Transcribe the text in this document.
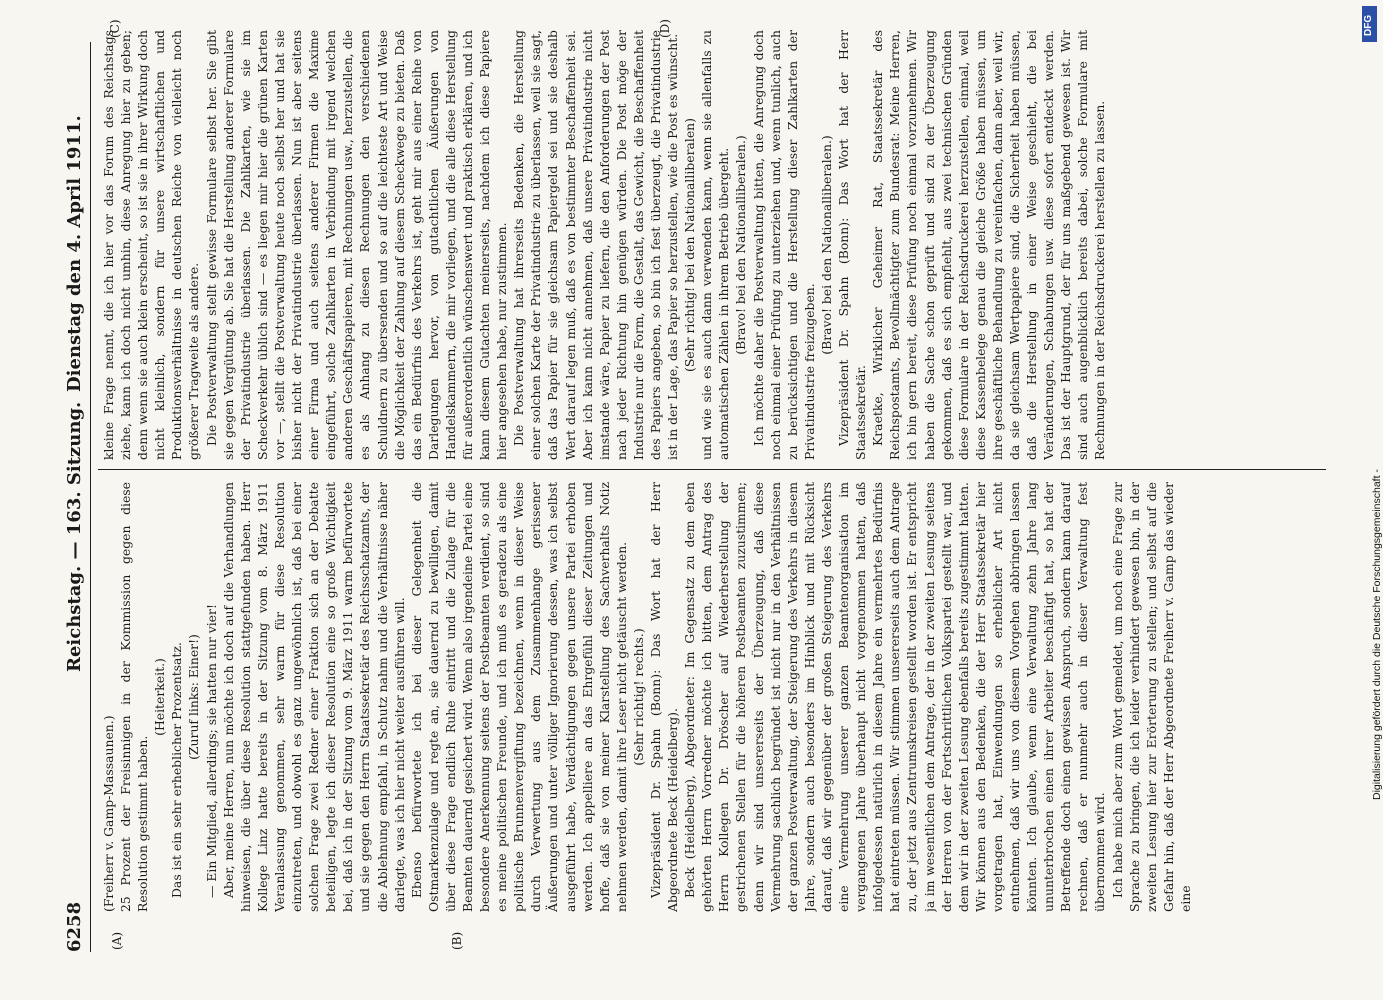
6258
Reichstag. — 163. Sitzung.
Dienstag den 4. April 1911.
(A)	(B)
(C)	(D)

(Freiherr v. Gamp-Massaunen.) 25 Prozent der Freisinnigen in der Kommission gegen diese Resolution gestimmt haben.

(Heiterkeit.) Das ist ein sehr erheblicher Prozentsatz. (Zuruf links: Einer!) — Ein Mitglied, allerdings; sie hatten nur vier! Aber, meine Herren, nun möchte ich doch auf die Verhandlungen hinweisen, die über diese Resolution stattgefunden haben. Herr Kollege Linz hatte bereits in der Sitzung vom 8. März 1911 Veranlassung genommen, sehr warm für diese Resolution einzutreten, und obwohl es ganz ungewöhnlich ist, daß bei einer solchen Frage zwei Redner einer Fraktion sich an der Debatte beteiligen, legte ich dieser Resolution eine so große Wichtigkeit bei, daß ich in der Sitzung vom 9. März 1911 warm befürwortete und sie gegen den Herrn Staatssekretär des Reichsschatzamts, der die Ablehnung empfahl, in Schutz nahm und die Verhältnisse näher darlegte, was ich hier nicht weiter ausführen will. Ebenso befürwortete ich bei dieser Gelegenheit die Ostmarkenzulage und regte an, sie dauernd zu bewilligen, damit über diese Frage endlich Ruhe eintritt und die Zulage für die Beamten dauernd gesichert wird. Wenn also irgendeine Partei eine besondere Anerkennung seitens der Postbeamten verdient, so sind es meine politischen Freunde, und ich muß es geradezu als eine politische Brunnenvergiftung bezeichnen, wenn in dieser Weise durch Verwertung aus dem Zusammenhange gerissener Äußerungen und unter völliger Ignorierung dessen, was ich selbst ausgeführt habe, Verdächtigungen gegen unsere Partei erhoben werden. Ich appelliere an das Ehrgefühl dieser Zeitungen und hoffe, daß sie von meiner Klarstellung des Sachverhalts Notiz nehmen werden, damit ihre Leser nicht getäuscht werden. (Sehr richtig! rechts.) Vizepräsident Dr. Spahn (Bonn): Das Wort hat der Herr Abgeordnete Beck (Heidelberg). Beck (Heidelberg), Abgeordneter: Im Gegensatz zu dem eben gehörten Herrn Vorredner möchte ich bitten, dem Antrag des Herrn Kollegen Dr. Dröscher auf Wiederherstellung der gestrichenen Stellen für die höheren Postbeamten zuzustimmen; denn wir sind unsererseits der Überzeugung, daß diese Vermehrung sachlich begründet ist nicht nur in den Verhältnissen der ganzen Postverwaltung, der Steigerung des Verkehrs in diesem Jahre, sondern auch besonders im Hinblick und mit Rücksicht darauf, daß wir gegenüber der großen Steigerung des Verkehrs eine Vermehrung unserer ganzen Beamtenorganisation im vergangenen Jahre überhaupt nicht vorgenommen hatten, daß infolgedessen natürlich in diesem Jahre ein vermehrtes Bedürfnis hat eintreten müssen. Wir stimmen unsererseits auch dem Antrage zu, der jetzt aus Zentrumskreisen gestellt worden ist. Er entspricht ja im wesentlichen dem Antrage, der in der zweiten Lesung seitens der Herren von der Fortschrittlichen Volkspartei gestellt war, und dem wir in der zweiten Lesung ebenfalls bereits zugestimmt hatten. Wir können aus den Bedenken, die der Herr Staatssekretär hier vorgetragen hat, Einwendungen so erheblicher Art nicht entnehmen, daß wir uns von diesem Vorgehen abbringen lassen könnten. Ich glaube, wenn eine Verwaltung zehn Jahre lang ununterbrochen einen ihrer Arbeiter beschäftigt hat, so hat der Betreffende doch einen gewissen Anspruch, sondern kann darauf rechnen, daß er nunmehr auch in dieser Verwaltung fest übernommen wird. Ich habe mich aber zum Wort gemeldet, um noch eine Frage zur Sprache zu bringen, die ich leider verhindert gewesen bin, in der zweiten Lesung hier zur Erörterung zu stellen; und selbst auf die Gefahr hin, daß der Herr Abgeordnete Freiherr v. Gamp das wieder eine

kleine Frage nennt, die ich hier vor das Forum des Reichstags ziehe, kann ich doch nicht umhin, diese Anregung hier zu geben; denn wenn sie auch klein erscheint, so ist sie in ihrer Wirkung doch nicht kleinlich, sondern für unsere wirtschaftlichen und Produktionsverhältnisse in deutschen Reiche von vielleicht noch größerer Tragweite als andere. Die Postverwaltung stellt gewisse Formulare selbst her. Sie gibt sie gegen Vergütung ab. Sie hat die Herstellung anderer Formulare der Privatindustrie überlassen. Die Zahlkarten, wie sie im Scheckverkehr üblich sind — es liegen mir hier die grünen Karten vor —, stellt die Postverwaltung heute noch selbst her und hat sie bisher nicht der Privatindustrie überlassen. Nun ist aber seitens einer Firma und auch seitens anderer Firmen die Maxime eingeführt, solche Zahlkarten in Verbindung mit irgend welchen anderen Geschäftspapieren, mit Rechnungen usw., herzustellen, die es als Anhang zu diesen Rechnungen den verschiedenen Schuldnern zu übersenden und so auf die leichteste Art und Weise die Möglichkeit der Zahlung auf diesem Scheckwege zu bieten. Daß das ein Bedürfnis des Verkehrs ist, geht mir aus einer Reihe von Darlegungen hervor, von gutachtlichen Äußerungen von Handelskammern, die mir vorliegen, und die alle diese Herstellung für außerordentlich wünschenswert und praktisch erklären, und ich kann diesem Gutachten meinerseits, nachdem ich diese Papiere hier angesehen habe, nur zustimmen. Die Postverwaltung hat ihrerseits Bedenken, die Herstellung einer solchen Karte der Privatindustrie zu überlassen, weil sie sagt, daß das Papier für sie gleichsam Papiergeld sei und sie deshalb Wert darauf legen muß, daß es von bestimmter Beschaffenheit sei. Aber ich kann nicht annehmen, daß unsere Privatindustrie nicht imstande wäre, Papier zu liefern, die den Anforderungen der Post nach jeder Richtung hin genügen würden. Die Post möge der Industrie nur die Form, die Gestalt, das Gewicht, die Beschaffenheit des Papiers angeben, so bin ich fest überzeugt, die Privatindustrie ist in der Lage, das Papier so herzustellen, wie die Post es wünscht. (Sehr richtig! bei den Nationalliberalen) und wie sie es auch dann verwenden kann, wenn sie allenfalls zu automatischen Zählen in ihrem Betrieb übergeht. (Bravo! bei den Nationalliberalen.) Ich möchte daher die Postverwaltung bitten, die Anregung doch noch einmal einer Prüfung zu unterziehen und, wenn tunlich, auch zu berücksichtigen und die Herstellung dieser Zahlkarten der Privatindustrie freizugeben.

(Bravo! bei den Nationalliberalen.) Vizepräsident Dr. Spahn (Bonn): Das Wort hat der Herr Staatssekretär. Kraetke, Wirklicher Geheimer Rat, Staatssekretär des Reichspostamts, Bevollmächtigter zum Bundesrat: Meine Herren, ich bin gern bereit, diese Prüfung noch einmal vorzunehmen. Wir haben die Sache schon geprüft und sind zu der Überzeugung gekommen, daß es sich empfiehlt, aus zwei technischen Gründen diese Formulare in der Reichsdruckerei herzustellen, einmal, weil diese Kassenbelege genau die gleiche Größe haben müssen, um ihre geschäftliche Behandlung zu vereinfachen, dann aber, weil wir, da sie gleichsam Wertpapiere sind, die Sicherheit haben müssen, daß die Herstellung in einer Weise geschieht, die bei Veränderungen, Schabungen usw. diese sofort entdeckt werden. Das ist der Hauptgrund, der für uns maßgebend gewesen ist. Wir sind auch augenblicklich bereits dabei, solche Formulare mit Rechnungen in der Reichsdruckerei herstellen zu lassen.

DFG
Digitalisierung gefördert durch die Deutsche Forschungsgemeinschaft -
